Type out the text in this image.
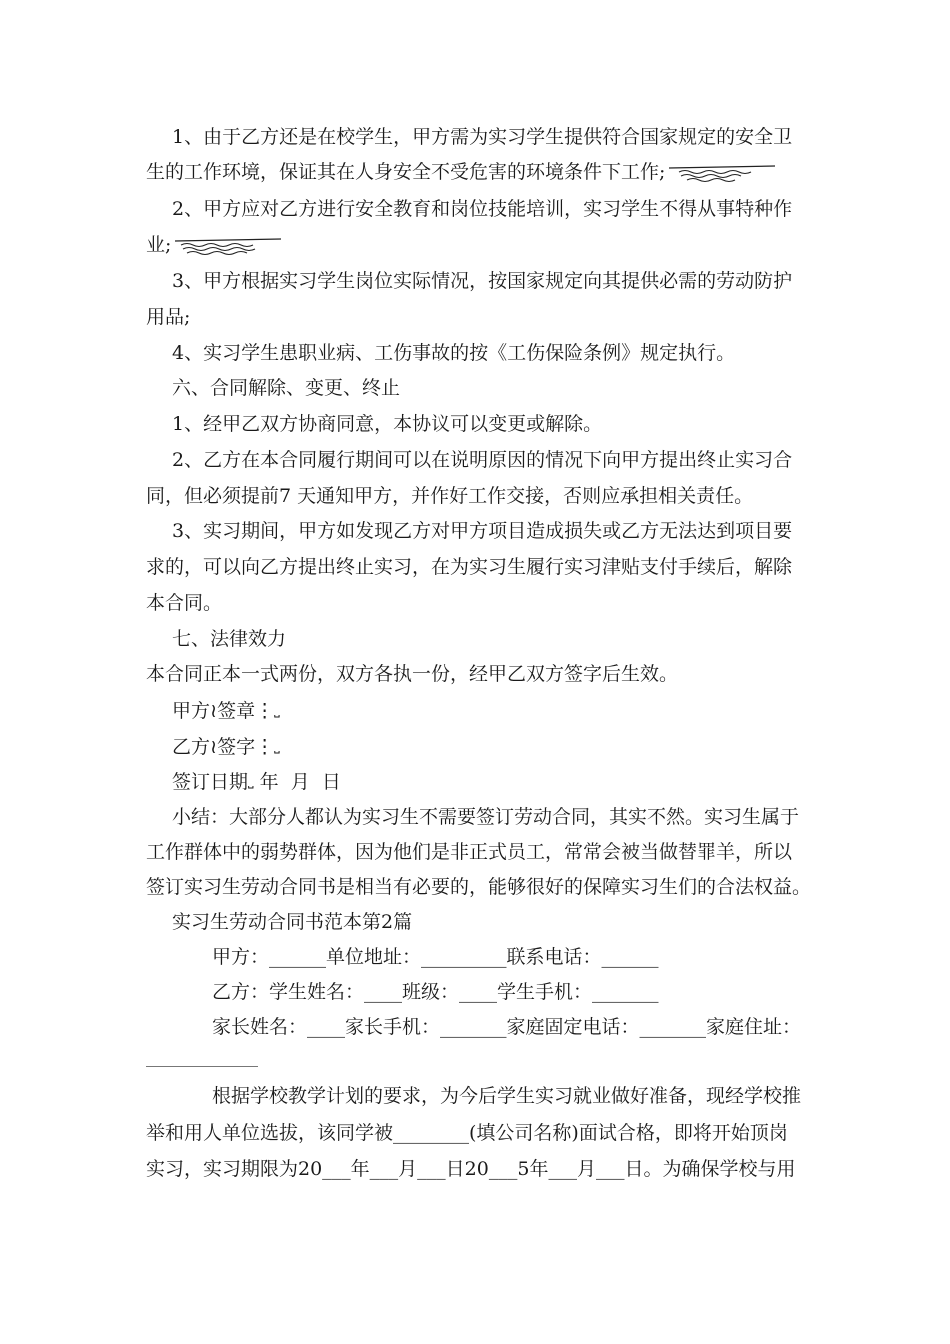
1、由于乙方还是在校学生，甲方需为实习学生提供符合国家规定的安全卫
生的工作环境，保证其在人身安全不受危害的环境条件下工作;
2、甲方应对乙方进行安全教育和岗位技能培训，实习学生不得从事特种作
业;
3、甲方根据实习学生岗位实际情况，按国家规定向其提供必需的劳动防护
用品;
4、实习学生患职业病、工伤事故的按《工伤保险条例》规定执行。
六、合同解除、变更、终止
1、经甲乙双方协商同意，本协议可以变更或解除。
2、乙方在本合同履行期间可以在说明原因的情况下向甲方提出终止实习合
同，但必须提前7 天通知甲方，并作好工作交接，否则应承担相关责任。
3、实习期间，甲方如发现乙方对甲方项目造成损失或乙方无法达到项目要
求的，可以向乙方提出终止实习，在为实习生履行实习津贴支付手续后，解除
本合同。
七、法律效力
本合同正本一式两份，双方各执一份，经甲乙双方签字后生效。
甲方≀签章⋮⎵
乙方≀签字⋮⎵
签订日期⎵ 年  月  日
小结：大部分人都认为实习生不需要签订劳动合同，其实不然。实习生属于
工作群体中的弱势群体，因为他们是非正式员工，常常会被当做替罪羊，所以
签订实习生劳动合同书是相当有必要的，能够很好的保障实习生们的合法权益。
实习生劳动合同书范本第2篇
甲方：______单位地址：_________联系电话：______
乙方：学生姓名：____班级：____学生手机：_______
家长姓名：____家长手机：_______家庭固定电话：_______家庭住址：
根据学校教学计划的要求，为今后学生实习就业做好准备，现经学校推
举和用人单位选拔，该同学被________(填公司名称)面试合格，即将开始顶岗
实习，实习期限为20___年___月___日20___5年___月___日。为确保学校与用
